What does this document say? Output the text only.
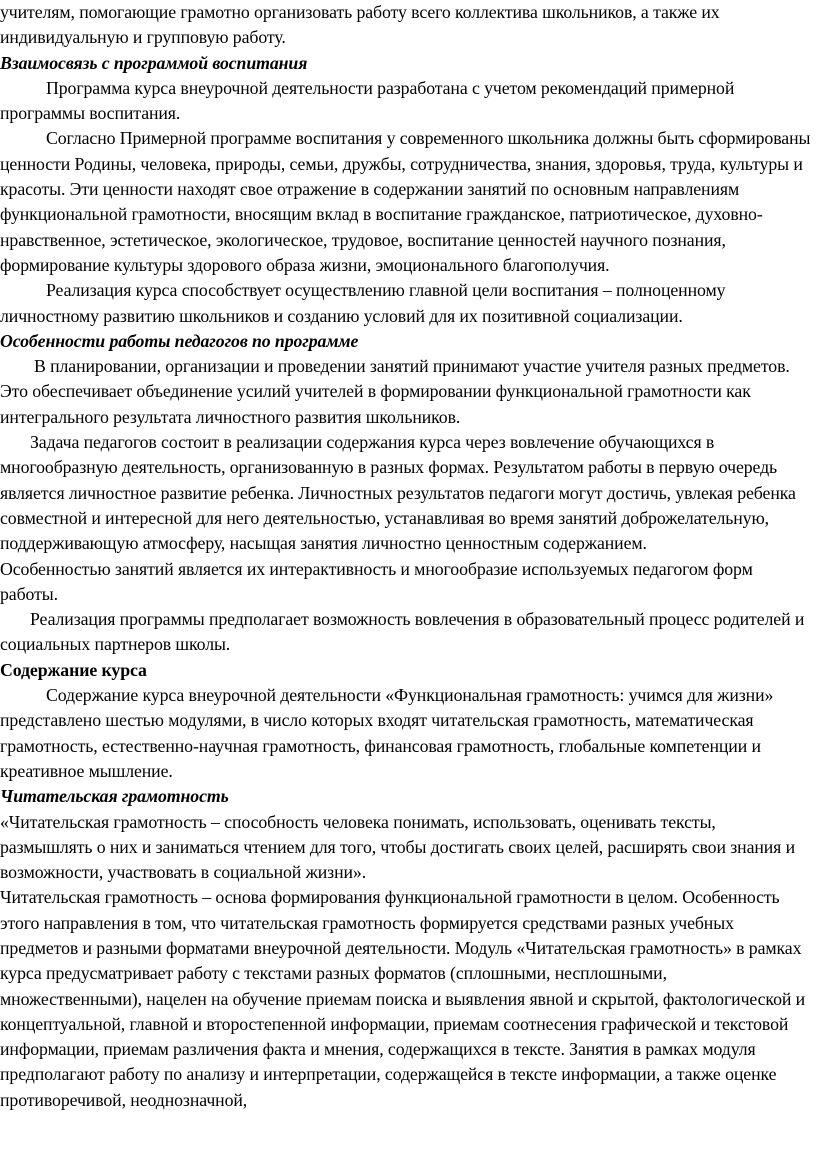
учителям, помогающие грамотно организовать работу всего коллектива школьников, а также их индивидуальную и групповую работу.

Взаимосвязь с программой воспитания

Программа курса внеурочной деятельности разработана с учетом рекомендаций примерной программы воспитания.

Согласно Примерной программе воспитания у современного школьника должны быть сформированы ценности Родины, человека, природы, семьи, дружбы, сотрудничества, знания, здоровья, труда, культуры и красоты. Эти ценности находят свое отражение в содержании занятий по основным направлениям функциональной грамотности, вносящим вклад в воспитание гражданское, патриотическое, духовно-нравственное, эстетическое, экологическое, трудовое, воспитание ценностей научного познания, формирование культуры здорового образа жизни, эмоционального благополучия.

Реализация курса способствует осуществлению главной цели воспитания – полноценному личностному развитию школьников и созданию условий для их позитивной социализации.

Особенности работы педагогов по программе

В планировании, организации и проведении занятий принимают участие учителя разных предметов. Это обеспечивает объединение усилий учителей в формировании функциональной грамотности как интегрального результата личностного развития школьников.

Задача педагогов состоит в реализации содержания курса через вовлечение обучающихся в многообразную деятельность, организованную в разных формах. Результатом работы в первую очередь является личностное развитие ребенка. Личностных результатов педагоги могут достичь, увлекая ребенка совместной и интересной для него деятельностью, устанавливая во время занятий доброжелательную, поддерживающую атмосферу, насыщая занятия личностно ценностным содержанием.

Особенностью занятий является их интерактивность и многообразие используемых педагогом форм работы.

Реализация программы предполагает возможность вовлечения в образовательный процесс родителей и социальных партнеров школы.

Содержание курса

Содержание курса внеурочной деятельности «Функциональная грамотность: учимся для жизни» представлено шестью модулями, в число которых входят читательская грамотность, математическая грамотность, естественно-научная грамотность, финансовая грамотность, глобальные компетенции и креативное мышление.

Читательская грамотность

«Читательская грамотность – способность человека понимать, использовать, оценивать тексты, размышлять о них и заниматься чтением для того, чтобы достигать своих целей, расширять свои знания и возможности, участвовать в социальной жизни».

Читательская грамотность – основа формирования функциональной грамотности в целом. Особенность этого направления в том, что читательская грамотность формируется средствами разных учебных предметов и разными форматами внеурочной деятельности. Модуль «Читательская грамотность» в рамках курса предусматривает работу с текстами разных форматов (сплошными, несплошными, множественными), нацелен на обучение приемам поиска и выявления явной и скрытой, фактологической и концептуальной, главной и второстепенной информации, приемам соотнесения графической и текстовой информации, приемам различения факта и мнения, содержащихся в тексте. Занятия в рамках модуля предполагают работу по анализу и интерпретации, содержащейся в тексте информации, а также оценке противоречивой, неоднозначной,
